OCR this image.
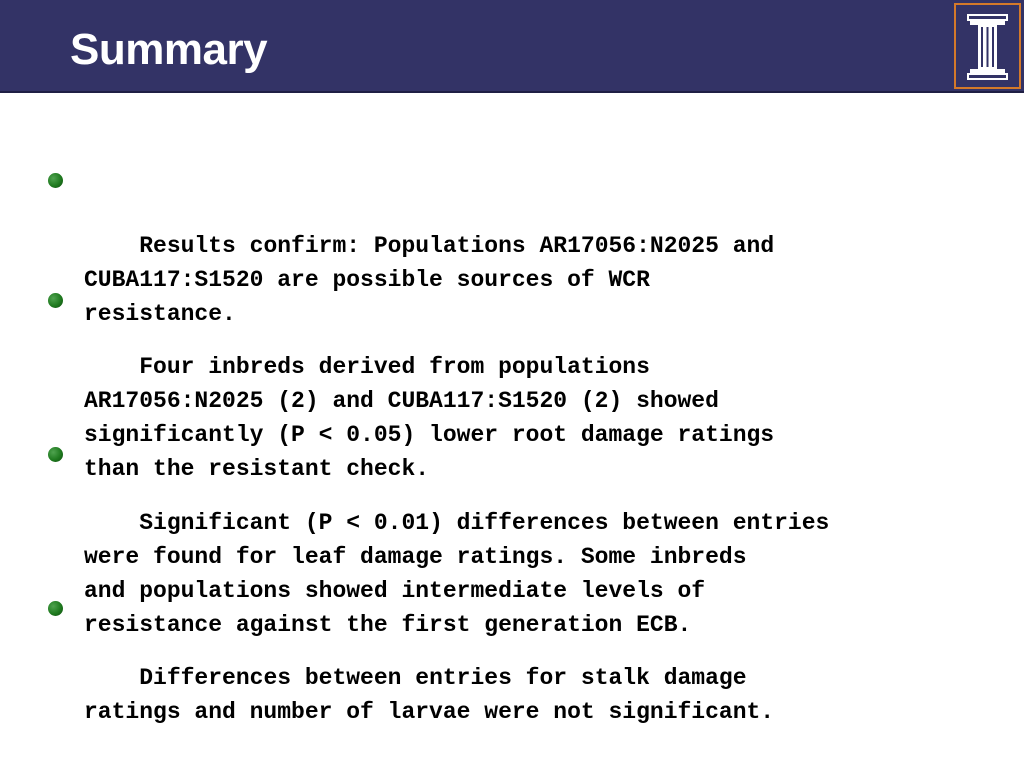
Summary

Results confirm: Populations AR17056:N2025 and
CUBA117:S1520 are possible sources of WCR
resistance.

Four inbreds derived from populations
AR17056:N2025 (2) and CUBA117:S1520 (2) showed
significantly (P < 0.05) lower root damage ratings
than the resistant check.

Significant (P < 0.01) differences between entries
were found for leaf damage ratings. Some inbreds
and populations showed intermediate levels of
resistance against the first generation ECB.

Differences between entries for stalk damage
ratings and number of larvae were not significant.
